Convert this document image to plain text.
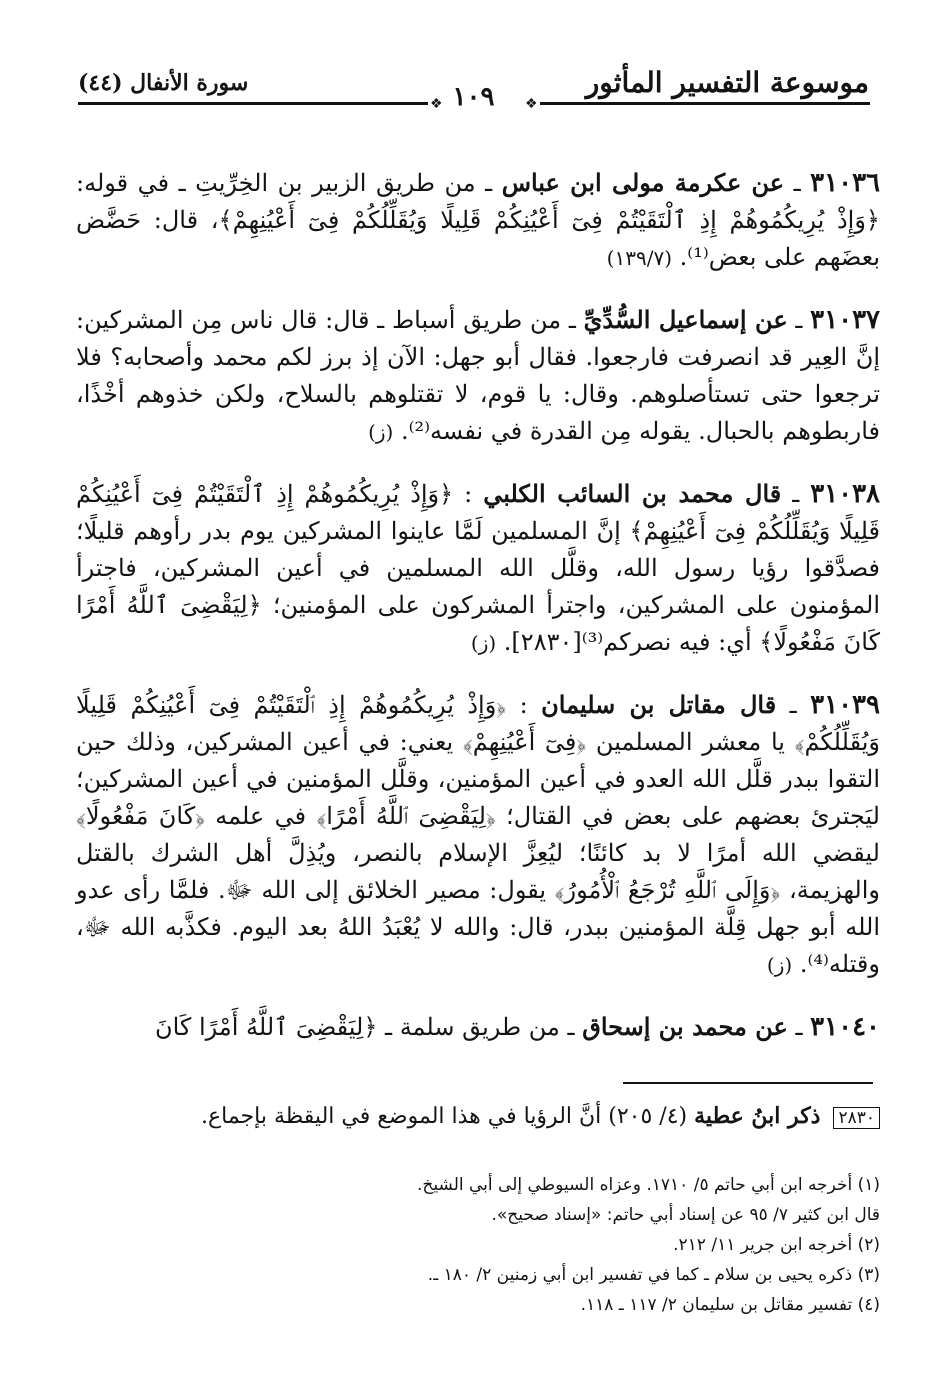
موسوعة التفسير المأثور
١٠٩
سورة الأنفال (٤٤)
❖	❖

٣١٠٣٦ ـ عن عكرمة مولى ابن عباس ـ من طريق الزبير بن الخِرِّيتِ ـ في قوله: ﴿وَإِذْ يُرِيكُمُوهُمْ إِذِ ٱلْتَقَيْتُمْ فِىٓ أَعْيُنِكُمْ قَلِيلًا وَيُقَلِّلُكُمْ فِىٓ أَعْيُنِهِمْ﴾، قال: حَضَّض بعضَهم على بعض⁽¹⁾. (١٣٩/٧)

٣١٠٣٧ ـ عن إسماعيل السُّدِّيِّ ـ من طريق أسباط ـ قال: قال ناس مِن المشركين: إنَّ العِير قد انصرفت فارجعوا. فقال أبو جهل: الآن إذ برز لكم محمد وأصحابه؟ فلا ترجعوا حتى تستأصلوهم. وقال: يا قوم، لا تقتلوهم بالسلاح، ولكن خذوهم أخْذًا، فاربطوهم بالحبال. يقوله مِن القدرة في نفسه⁽²⁾. (ز)

٣١٠٣٨ ـ قال محمد بن السائب الكلبي : ﴿وَإِذْ يُرِيكُمُوهُمْ إِذِ ٱلْتَقَيْتُمْ فِىٓ أَعْيُنِكُمْ قَلِيلًا وَيُقَلِّلُكُمْ فِىٓ أَعْيُنِهِمْ﴾ إنَّ المسلمين لَمَّا عاينوا المشركين يوم بدر رأوهم قليلًا؛ فصدَّقوا رؤيا رسول الله، وقلَّل الله المسلمين في أعين المشركين، فاجترأ المؤمنون على المشركين، واجترأ المشركون على المؤمنين؛ ﴿لِيَقْضِىَ ٱللَّهُ أَمْرًا كَانَ مَفْعُولًا﴾ أي: فيه نصركم⁽³⁾[٢٨٣٠]. (ز)

٣١٠٣٩ ـ قال مقاتل بن سليمان : ﴿وَإِذْ يُرِيكُمُوهُمْ إِذِ ٱلْتَقَيْتُمْ فِىٓ أَعْيُنِكُمْ قَلِيلًا وَيُقَلِّلُكُمْ﴾ يا معشر المسلمين ﴿فِىٓ أَعْيُنِهِمْ﴾ يعني: في أعين المشركين، وذلك حين التقوا ببدر قلَّل الله العدو في أعين المؤمنين، وقلَّل المؤمنين في أعين المشركين؛ ليَجترئ بعضهم على بعض في القتال؛ ﴿لِيَقْضِىَ ٱللَّهُ أَمْرًا﴾ في علمه ﴿كَانَ مَفْعُولًا﴾ ليقضي الله أمرًا لا بد كائنًا؛ ليُعِزَّ الإسلام بالنصر، ويُذِلَّ أهل الشرك بالقتل والهزيمة، ﴿وَإِلَى ٱللَّهِ تُرْجَعُ ٱلْأُمُورُ﴾ يقول: مصير الخلائق إلى الله ﷻ. فلمَّا رأى عدو الله أبو جهل قِلَّة المؤمنين ببدر، قال: والله لا يُعْبَدُ اللهُ بعد اليوم. فكذَّبه الله ﷻ، وقتله⁽⁴⁾. (ز)

٣١٠٤٠ ـ عن محمد بن إسحاق ـ من طريق سلمة ـ ﴿لِيَقْضِىَ ٱللَّهُ أَمْرًا كَانَ

٢٨٣٠ ذكر ابنُ عطية (٤/ ٢٠٥) أنَّ الرؤيا في هذا الموضع في اليقظة بإجماع.

(١) أخرجه ابن أبي حاتم ٥/ ١٧١٠. وعزاه السيوطي إلى أبي الشيخ.

قال ابن كثير ٧/ ٩٥ عن إسناد أبي حاتم: «إسناد صحيح».

(٢) أخرجه ابن جرير ١١/ ٢١٢.

(٣) ذكره يحيى بن سلام ـ كما في تفسير ابن أبي زمنين ٢/ ١٨٠ ـ.

(٤) تفسير مقاتل بن سليمان ٢/ ١١٧ ـ ١١٨.
